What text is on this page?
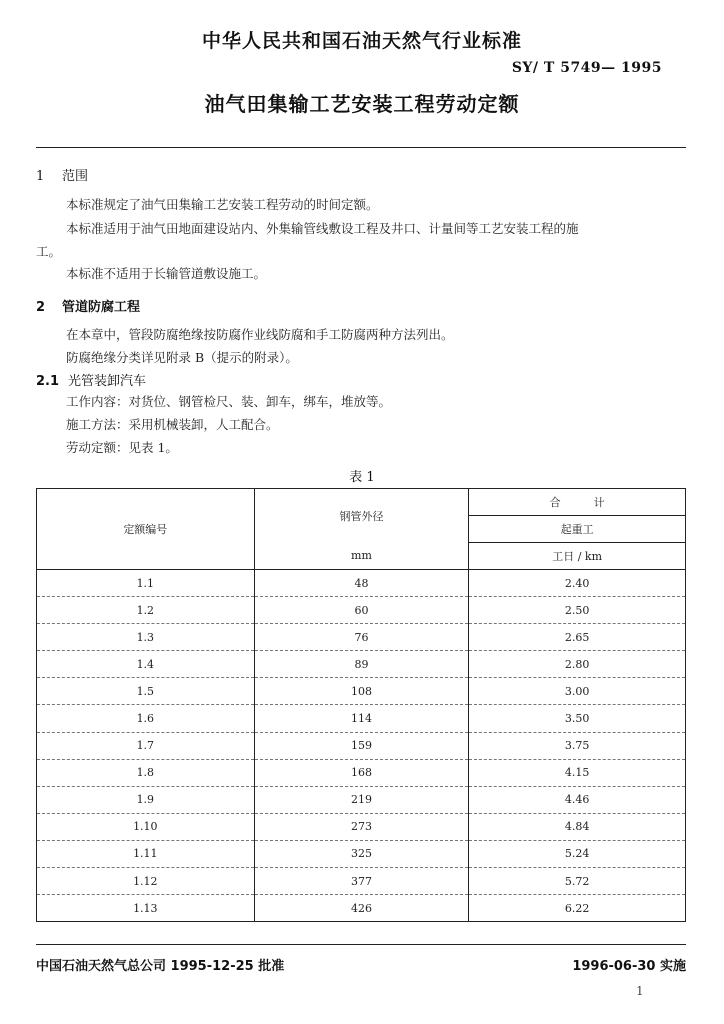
中华人民共和国石油天然气行业标准
SY/ T 5749— 1995
油气田集输工艺安装工程劳动定额
1 范围
本标准规定了油气田集输工艺安装工程劳动的时间定额。
本标准适用于油气田地面建设站内、外集输管线敷设工程及井口、计量间等工艺安装工程的施
工。
本标准不适用于长输管道敷设施工。
2 管道防腐工程
在本章中，管段防腐绝缘按防腐作业线防腐和手工防腐两种方法列出。
防腐绝缘分类详见附录 B（提示的附录）。
2.1 光管装卸汽车
工作内容：对货位、钢管检尺、装、卸车，绑车，堆放等。
施工方法：采用机械装卸，人工配合。
劳动定额：见表 1。
表 1
定额编号	钢管外径	合　　　计
		起重工
	mm	工日 / km
1.1	48	2.40
1.2	60	2.50
1.3	76	2.65
1.4	89	2.80
1.5	108	3.00
1.6	114	3.50
1.7	159	3.75
1.8	168	4.15
1.9	219	4.46
1.10	273	4.84
1.11	325	5.24
1.12	377	5.72
1.13	426	6.22
中国石油天然气总公司 1995-12-25 批准	1996-06-30 实施
1
